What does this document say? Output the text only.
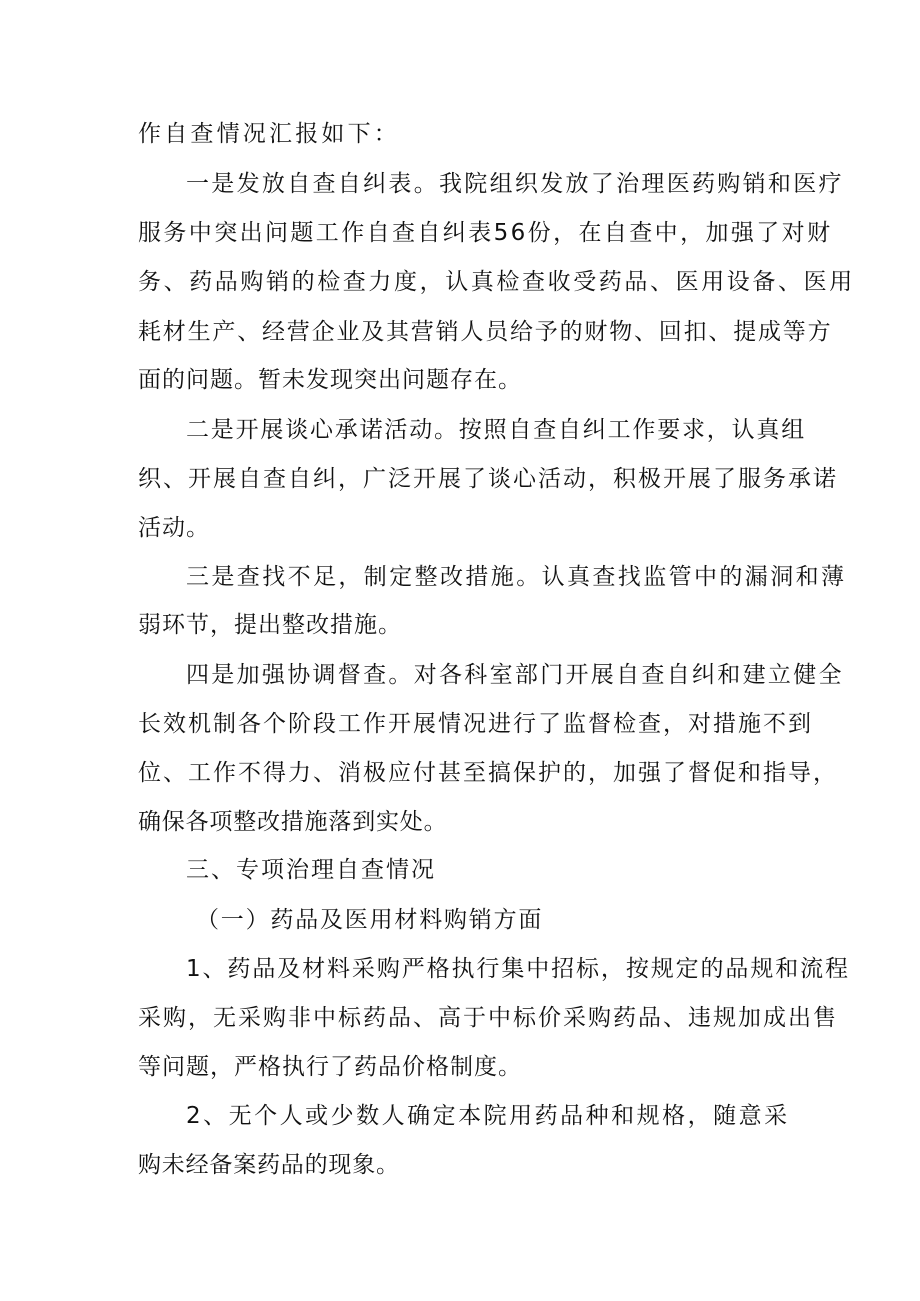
作自查情况汇报如下：
一是发放自查自纠表。我院组织发放了治理医药购销和医疗
服务中突出问题工作自查自纠表56份，在自查中，加强了对财
务、药品购销的检查力度，认真检查收受药品、医用设备、医用
耗材生产、经营企业及其营销人员给予的财物、回扣、提成等方
面的问题。暂未发现突出问题存在。
二是开展谈心承诺活动。按照自查自纠工作要求，认真组
织、开展自查自纠，广泛开展了谈心活动，积极开展了服务承诺
活动。
三是查找不足，制定整改措施。认真查找监管中的漏洞和薄
弱环节，提出整改措施。
四是加强协调督查。对各科室部门开展自查自纠和建立健全
长效机制各个阶段工作开展情况进行了监督检查，对措施不到
位、工作不得力、消极应付甚至搞保护的，加强了督促和指导，
确保各项整改措施落到实处。
三、专项治理自查情况
（一）药品及医用材料购销方面
1、药品及材料采购严格执行集中招标，按规定的品规和流程
采购，无采购非中标药品、高于中标价采购药品、违规加成出售
等问题，严格执行了药品价格制度。
2、无个人或少数人确定本院用药品种和规格，随意采
购未经备案药品的现象。
